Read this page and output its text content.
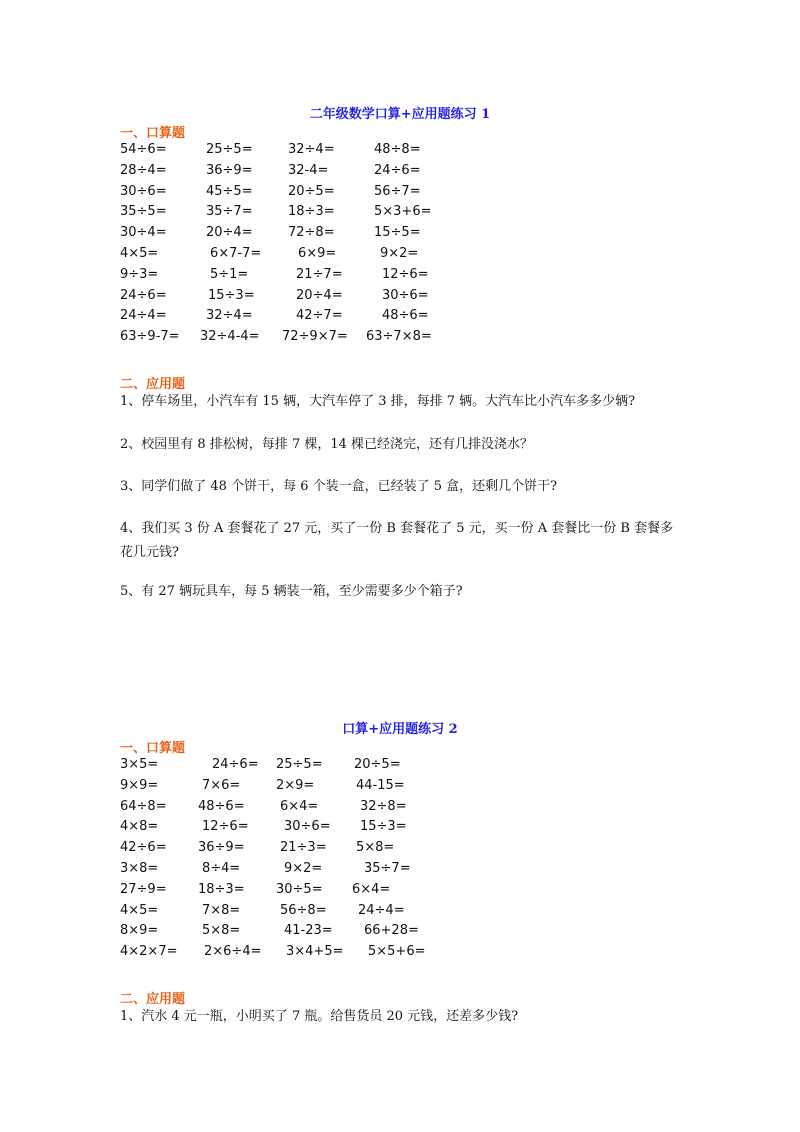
二年级数学口算+应用题练习 1
一、口算题
54÷6=	25÷5=	32÷4=	48÷8=
28÷4=	36÷9=	32-4=	24÷6=
30÷6=	45÷5=	20÷5=	56÷7=
35÷5=	35÷7=	18÷3=	5×3+6=
30÷4=	20÷4=	72÷8=	15÷5=
4×5=	6×7-7=	6×9=	9×2=
9÷3=	5÷1=	21÷7=	12÷6=
24÷6=	15÷3=	20÷4=	30÷6=
24÷4=	32÷4=	42÷7=	48÷6=
63÷9-7= 32÷4-4= 72÷9×7= 63÷7×8=
二、应用题

1、停车场里，小汽车有 15 辆，大汽车停了 3 排，每排 7 辆。大汽车比小汽车多多少辆?

2、校园里有 8 排松树，每排 7 棵，14 棵已经浇完，还有几排没浇水？

3、同学们做了 48 个饼干，每 6 个装一盒，已经装了 5 盒，还剩几个饼干?

4、我们买 3 份 A 套餐花了 27 元，买了一份 B 套餐花了 5 元，买一份 A 套餐比一份 B 套餐多花几元钱?

5、有 27 辆玩具车，每 5 辆装一箱，至少需要多少个箱子?

口算+应用题练习 2
一、口算题
3×5=	24÷6= 25÷5= 20÷5=
9×9=	7×6=	2×9=	44-15=
64÷8= 48÷6=	6×4=	32÷8=
4×8=	12÷6=	30÷6= 15÷3=
42÷6= 36÷9=	21÷3= 5×8=
3×8=	8÷4=	9×2=	35÷7=
27÷9= 18÷3= 30÷5= 6×4=
4×5=	7×8=	56÷8= 24÷4=
8×9=	5×8=	41-23= 66+28=
4×2×7= 2×6÷4= 3×4+5= 5×5+6=
二、应用题

1、汽水 4 元一瓶，小明买了 7 瓶。给售货员 20 元钱，还差多少钱?
